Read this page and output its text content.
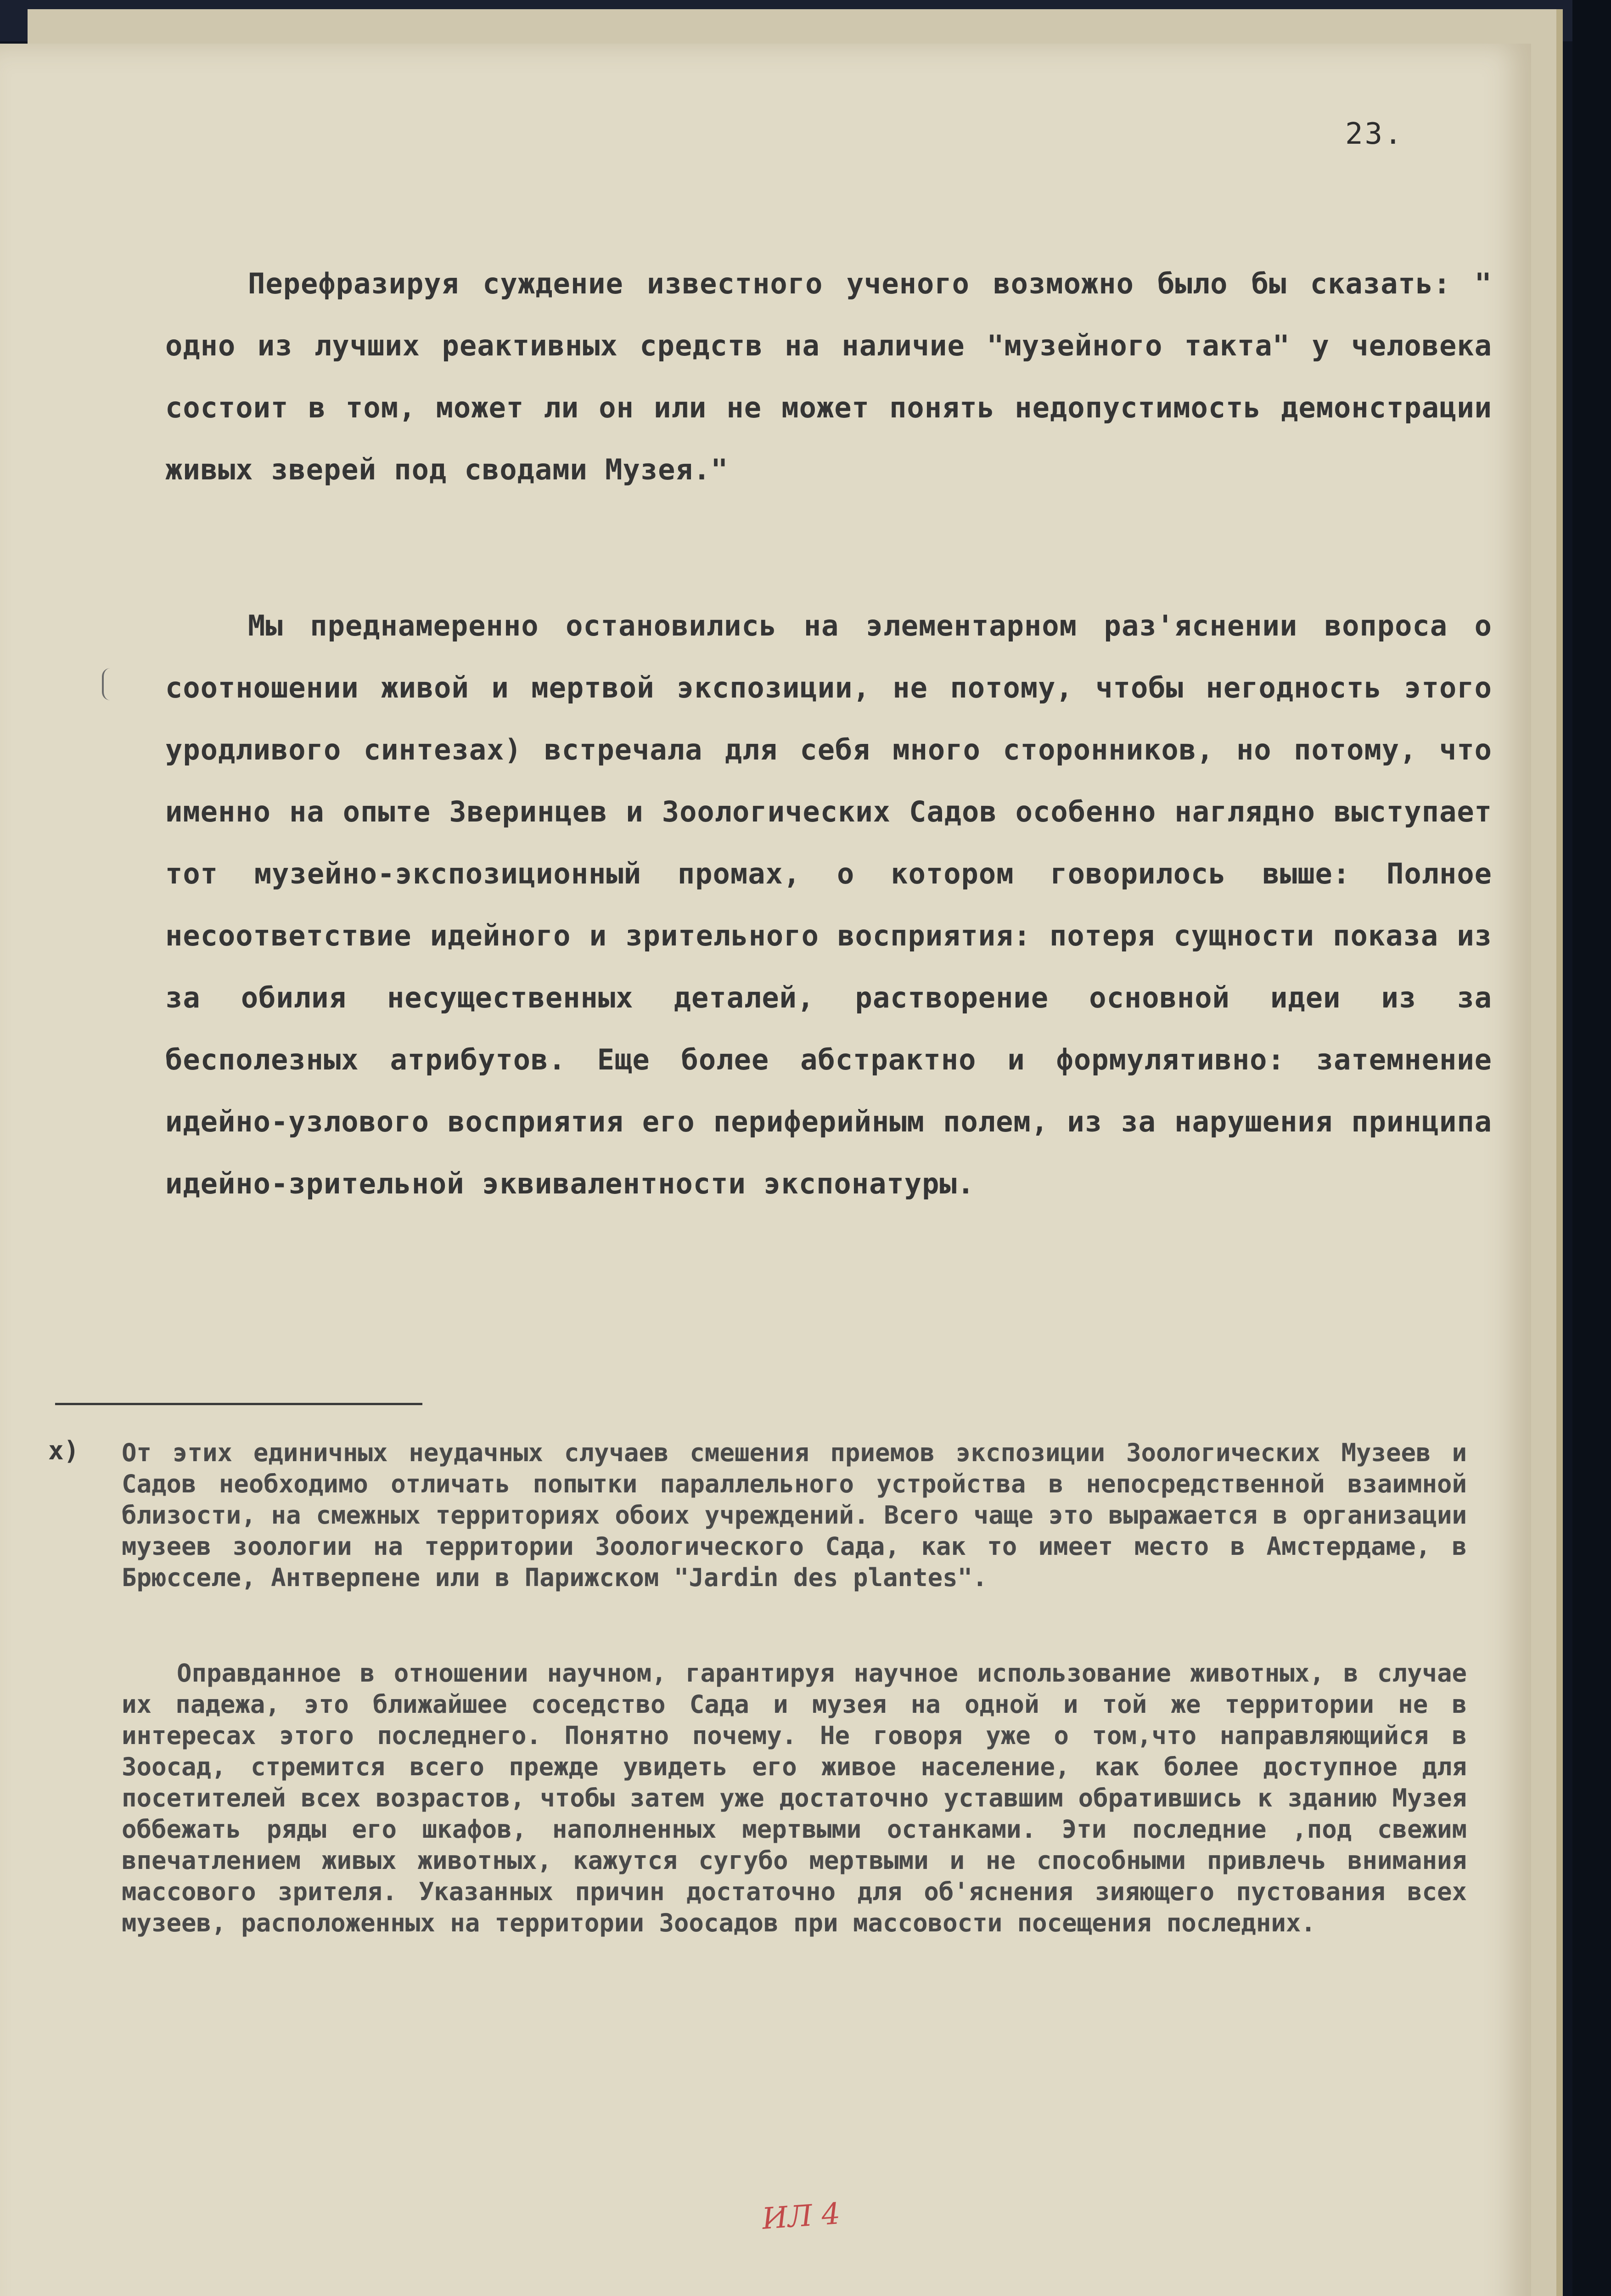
23.
Перефразируя суждение известного ученого возможно было бы сказать: " одно из лучших реактивных средств на наличие "музейного такта" у человека состоит в том, может ли он или не может понять недопустимость демонстрации живых зверей под сводами Музея."
Мы преднамеренно остановились на элементарном раз'яснении вопроса о соотношении живой и мертвой экспозиции, не потому, чтобы негодность этого уродливого синтезаx) встречала для себя много сторонников, но потому, что именно на опыте Зверинцев и Зоологических Садов особенно наглядно выступает тот музейно-экспозиционный промах, о котором говорилось выше: Полное несоответствие идейного и зрительного восприятия: потеря сущности показа из за обилия несущественных деталей, растворение основной идеи из за бесполезных атрибутов. Еще более абстрактно и формулятивно: затемнение идейно-узлового восприятия его периферийным полем, из за нарушения принципа идейно-зрительной эквивалентности экспонатуры.
x) От этих единичных неудачных случаев смешения приемов экспозиции Зоологических Музеев и Садов необходимо отличать попытки параллельного устройства в непосредственной взаимной близости, на смежных территориях обоих учреждений. Всего чаще это выражается в организации музеев зоологии на территории Зоологического Сада, как то имеет место в Амстердаме, в Брюсселе, Антверпене или в Парижском "Jardin des plantes".
Оправданное в отношении научном, гарантируя научное использование животных, в случае их падежа, это ближайшее соседство Сада и музея на одной и той же территории не в интересах этого последнего. Понятно почему. Не говоря уже о том,что направляющийся в Зоосад, стремится всего прежде увидеть его живое население, как более доступное для посетителей всех возрастов, чтобы затем уже достаточно уставшим обратившись к зданию Музея оббежать ряды его шкафов, наполненных мертвыми останками. Эти последние ,под свежим впечатлением живых животных, кажутся сугубо мертвыми и не способными привлечь внимания массового зрителя. Указанных причин достаточно для об'яснения зияющего пустования всех музеев, расположенных на территории Зоосадов при массовости посещения последних.
ИЛ 4
